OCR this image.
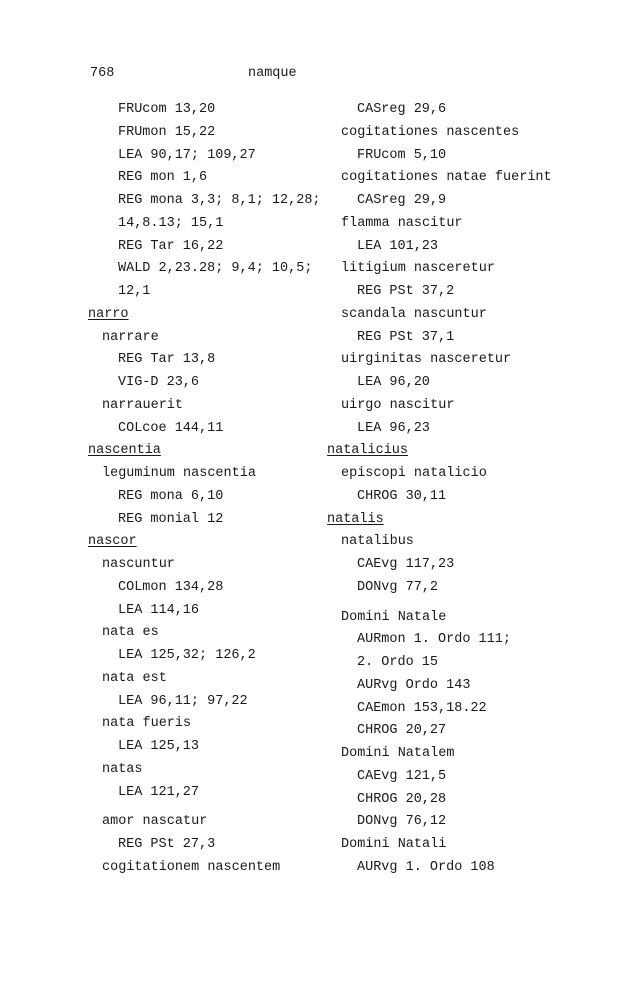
768	namque
FRUcom 13,20
FRUmon 15,22
LEA 90,17; 109,27
REG mon 1,6
REG mona 3,3; 8,1; 12,28;
14,8.13; 15,1
REG Tar 16,22
WALD 2,23.28; 9,4; 10,5;
12,1
narro
narrare
REG Tar 13,8
VIG-D 23,6
narrauerit
COLcoe 144,11
nascentia
leguminum nascentia
REG mona 6,10
REG monial 12
nascor
nascuntur
COLmon 134,28
LEA 114,16
nata es
LEA 125,32; 126,2
nata est
LEA 96,11; 97,22
nata fueris
LEA 125,13
natas
LEA 121,27
amor nascatur
REG PSt 27,3
cogitationem nascentem
CASreg 29,6
cogitationes nascentes
FRUcom 5,10
cogitationes natae fuerint
CASreg 29,9
flamma nascitur
LEA 101,23
litigium nasceretur
REG PSt 37,2
scandala nascuntur
REG PSt 37,1
uirginitas nasceretur
LEA 96,20
uirgo nascitur
LEA 96,23
natalicius
episcopi natalicio
CHROG 30,11
natalis
natalibus
CAEvg 117,23
DONvg 77,2
Domini Natale
AURmon 1. Ordo 111;
2. Ordo 15
AURvg Ordo 143
CAEmon 153,18.22
CHROG 20,27
Domini Natalem
CAEvg 121,5
CHROG 20,28
DONvg 76,12
Domini Natali
AURvg 1. Ordo 108
